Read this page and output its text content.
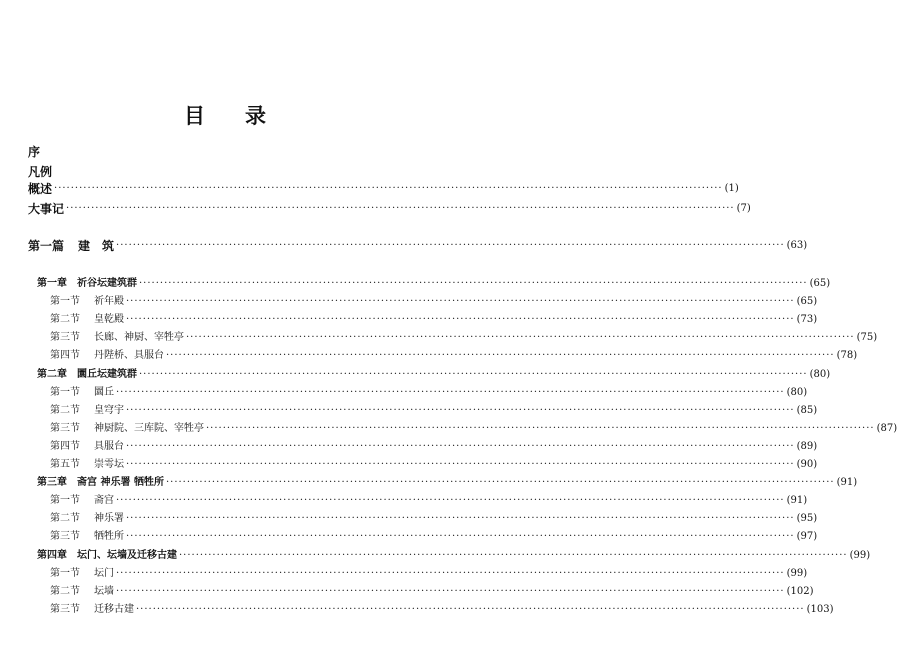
目 录
序
凡例
概述 ································································································································································ (1)
大事记 ································································································································································ (7)
第一篇 建　筑 ································································································································································ (63)
第一章 祈谷坛建筑群 ································································································································································ (65)
第一节 祈年殿 ································································································································································ (65)
第二节 皇乾殿 ································································································································································ (73)
第三节 长廊、神厨、宰牲亭 ································································································································································ (75)
第四节 丹陛桥、具服台 ································································································································································ (78)
第二章 圜丘坛建筑群 ································································································································································ (80)
第一节 圜丘 ································································································································································ (80)
第二节 皇穹宇 ································································································································································ (85)
第三节 神厨院、三库院、宰牲亭 ································································································································································ (87)
第四节 具服台 ································································································································································ (89)
第五节 崇雩坛 ································································································································································ (90)
第三章 斋宫 神乐署 牺牲所 ································································································································································ (91)
第一节 斋宫 ································································································································································ (91)
第二节 神乐署 ································································································································································ (95)
第三节 牺牲所 ································································································································································ (97)
第四章 坛门、坛墙及迁移古建 ································································································································································ (99)
第一节 坛门 ································································································································································ (99)
第二节 坛墙 ································································································································································ (102)
第三节 迁移古建 ································································································································································ (103)
